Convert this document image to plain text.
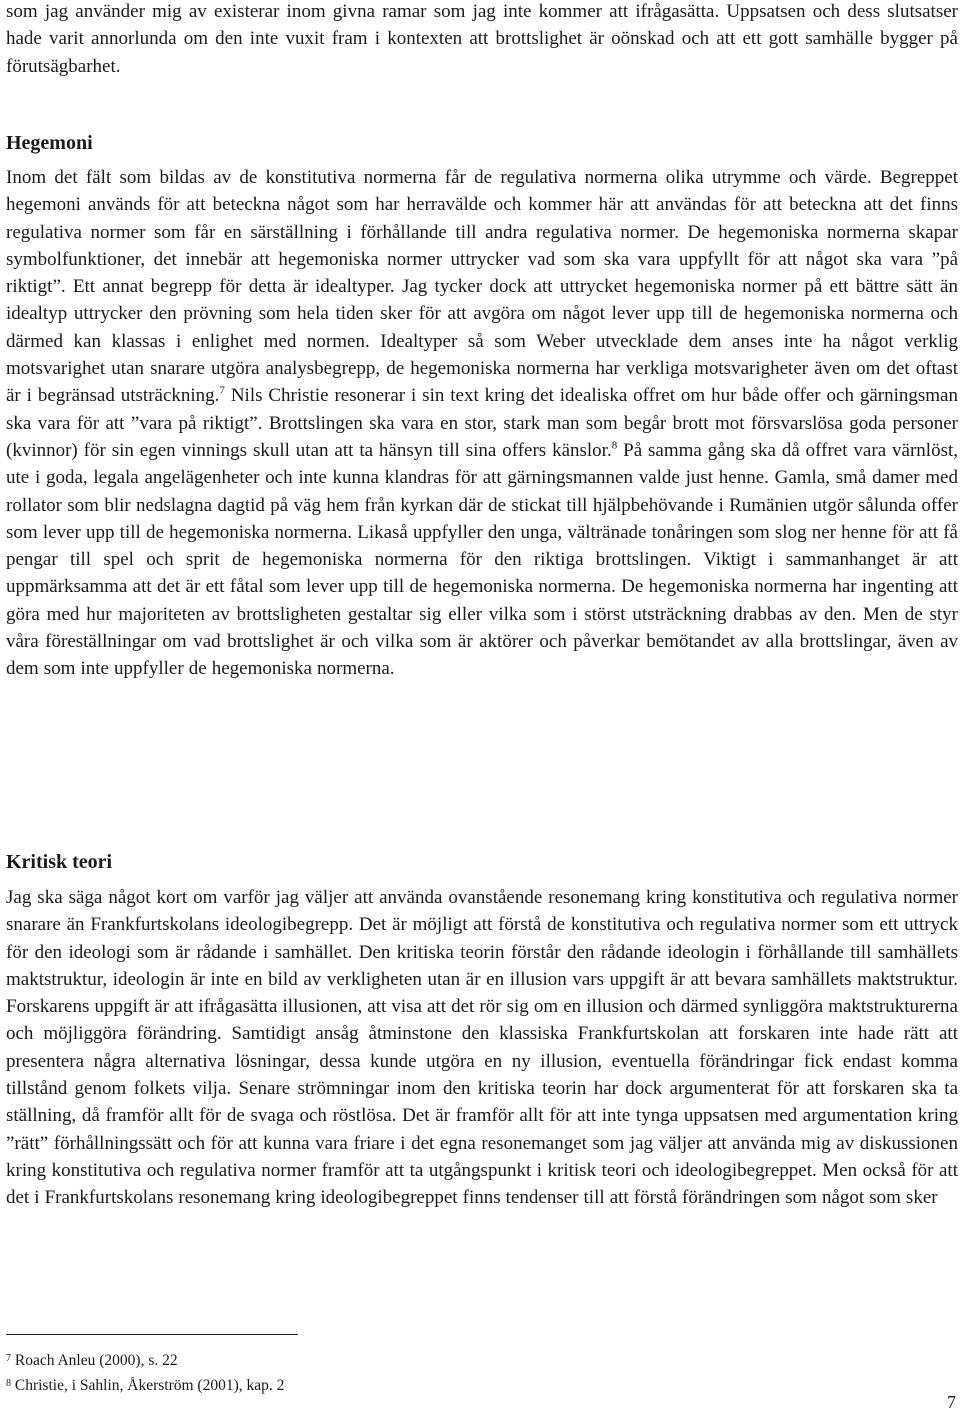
som jag använder mig av existerar inom givna ramar som jag inte kommer att ifrågasätta. Uppsatsen och dess slutsatser hade varit annorlunda om den inte vuxit fram i kontexten att brottslighet är oönskad och att ett gott samhälle bygger på förutsägbarhet.

Hegemoni

Inom det fält som bildas av de konstitutiva normerna får de regulativa normerna olika utrymme och värde. Begreppet hegemoni används för att beteckna något som har herravälde och kommer här att användas för att beteckna att det finns regulativa normer som får en särställning i förhållande till andra regulativa normer. De hegemoniska normerna skapar symbolfunktioner, det innebär att hegemoniska normer uttrycker vad som ska vara uppfyllt för att något ska vara ”på riktigt”. Ett annat begrepp för detta är idealtyper. Jag tycker dock att uttrycket hegemoniska normer på ett bättre sätt än idealtyp uttrycker den prövning som hela tiden sker för att avgöra om något lever upp till de hegemoniska normerna och därmed kan klassas i enlighet med normen. Idealtyper så som Weber utvecklade dem anses inte ha något verklig motsvarighet utan snarare utgöra analysbegrepp, de hegemoniska normerna har verkliga motsvarigheter även om det oftast är i begränsad utsträckning.$^7$ Nils Christie resonerar i sin text kring det idealiska offret om hur både offer och gärningsman ska vara för att ”vara på riktigt”. Brottslingen ska vara en stor, stark man som begår brott mot försvarslösa goda personer (kvinnor) för sin egen vinnings skull utan att ta hänsyn till sina offers känslor.$^8$ På samma gång ska då offret vara värnlöst, ute i goda, legala angelägenheter och inte kunna klandras för att gärningsmannen valde just henne. Gamla, små damer med rollator som blir nedslagna dagtid på väg hem från kyrkan där de stickat till hjälpbehövande i Rumänien utgör sålunda offer som lever upp till de hegemoniska normerna. Likaså uppfyller den unga, vältränade tonåringen som slog ner henne för att få pengar till spel och sprit de hegemoniska normerna för den riktiga brottslingen. Viktigt i sammanhanget är att uppmärksamma att det är ett fåtal som lever upp till de hegemoniska normerna. De hegemoniska normerna har ingenting att göra med hur majoriteten av brottsligheten gestaltar sig eller vilka som i störst utsträckning drabbas av den. Men de styr våra föreställningar om vad brottslighet är och vilka som är aktörer och påverkar bemötandet av alla brottslingar, även av dem som inte uppfyller de hegemoniska normerna.

Kritisk teori

Jag ska säga något kort om varför jag väljer att använda ovanstående resonemang kring konstitutiva och regulativa normer snarare än Frankfurtskolans ideologibegrepp. Det är möjligt att förstå de konstitutiva och regulativa normer som ett uttryck för den ideologi som är rådande i samhället. Den kritiska teorin förstår den rådande ideologin i förhållande till samhällets maktstruktur, ideologin är inte en bild av verkligheten utan är en illusion vars uppgift är att bevara samhällets maktstruktur. Forskarens uppgift är att ifrågasätta illusionen, att visa att det rör sig om en illusion och därmed synliggöra maktstrukturerna och möjliggöra förändring. Samtidigt ansåg åtminstone den klassiska Frankfurtskolan att forskaren inte hade rätt att presentera några alternativa lösningar, dessa kunde utgöra en ny illusion, eventuella förändringar fick endast komma tillstånd genom folkets vilja. Senare strömningar inom den kritiska teorin har dock argumenterat för att forskaren ska ta ställning, då framför allt för de svaga och röstlösa. Det är framför allt för att inte tynga uppsatsen med argumentation kring ”rätt” förhållningssätt och för att kunna vara friare i det egna resonemanget som jag väljer att använda mig av diskussionen kring konstitutiva och regulativa normer framför att ta utgångspunkt i kritisk teori och ideologibegreppet. Men också för att det i Frankfurtskolans resonemang kring ideologibegreppet finns tendenser till att förstå förändringen som något som sker

$^7$ Roach Anleu (2000), s. 22
$^8$ Christie, i Sahlin, Åkerström (2001), kap. 2
7
